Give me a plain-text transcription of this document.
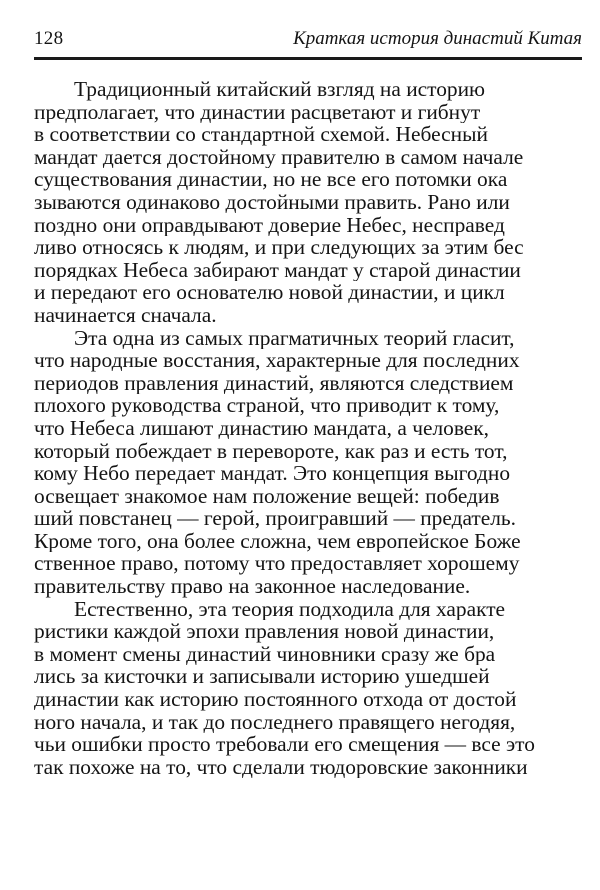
128	Краткая история династий Китая
Традиционный китайский взгляд на историю
предполагает, что династии расцветают и гибнут
в соответствии со стандартной схемой. Небесный
мандат дается достойному правителю в самом начале
существования династии, но не все его потомки ока
зываются одинаково достойными править. Рано или
поздно они оправдывают доверие Небес, несправед
ливо относясь к людям, и при следующих за этим бес
порядках Небеса забирают мандат у старой династии
и передают его основателю новой династии, и цикл
начинается сначала.
Эта одна из самых прагматичных теорий гласит,
что народные восстания, характерные для последних
периодов правления династий, являются следствием
плохого руководства страной, что приводит к тому,
что Небеса лишают династию мандата, а человек,
который побеждает в перевороте, как раз и есть тот,
кому Небо передает мандат. Это концепция выгодно
освещает знакомое нам положение вещей: победив
ший повстанец — герой, проигравший — предатель.
Кроме того, она более сложна, чем европейское Боже
ственное право, потому что предоставляет хорошему
правительству право на законное наследование.
Естественно, эта теория подходила для характе
ристики каждой эпохи правления новой династии,
в момент смены династий чиновники сразу же бра
лись за кисточки и записывали историю ушедшей
династии как историю постоянного отхода от достой
ного начала, и так до последнего правящего негодяя,
чьи ошибки просто требовали его смещения — все это
так похоже на то, что сделали тюдоровские законники
